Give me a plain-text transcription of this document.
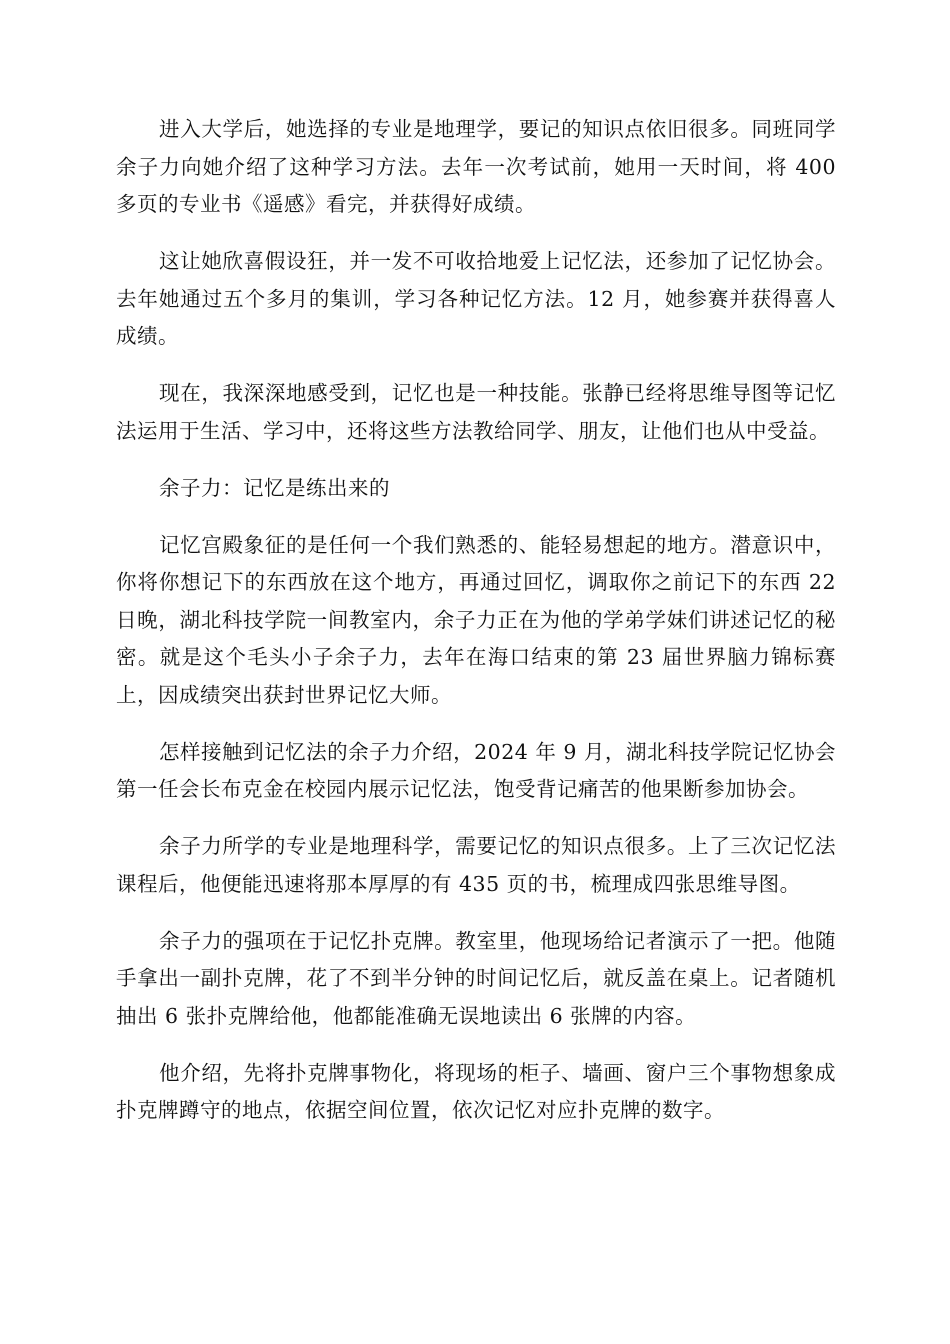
进入大学后，她选择的专业是地理学，要记的知识点依旧很多。同班同学余子力向她介绍了这种学习方法。去年一次考试前，她用一天时间，将 400 多页的专业书《遥感》看完，并获得好成绩。

这让她欣喜假设狂，并一发不可收拾地爱上记忆法，还参加了记忆协会。去年她通过五个多月的集训，学习各种记忆方法。12 月，她参赛并获得喜人成绩。

现在，我深深地感受到，记忆也是一种技能。张静已经将思维导图等记忆法运用于生活、学习中，还将这些方法教给同学、朋友，让他们也从中受益。

余子力：记忆是练出来的

记忆宫殿象征的是任何一个我们熟悉的、能轻易想起的地方。潜意识中，你将你想记下的东西放在这个地方，再通过回忆，调取你之前记下的东西 22 日晚，湖北科技学院一间教室内，余子力正在为他的学弟学妹们讲述记忆的秘密。就是这个毛头小子余子力，去年在海口结束的第 23 届世界脑力锦标赛上，因成绩突出获封世界记忆大师。

怎样接触到记忆法的余子力介绍，2024 年 9 月，湖北科技学院记忆协会第一任会长布克金在校园内展示记忆法，饱受背记痛苦的他果断参加协会。

余子力所学的专业是地理科学，需要记忆的知识点很多。上了三次记忆法课程后，他便能迅速将那本厚厚的有 435 页的书，梳理成四张思维导图。

余子力的强项在于记忆扑克牌。教室里，他现场给记者演示了一把。他随手拿出一副扑克牌，花了不到半分钟的时间记忆后，就反盖在桌上。记者随机抽出 6 张扑克牌给他，他都能准确无误地读出 6 张牌的内容。

他介绍，先将扑克牌事物化，将现场的柜子、墙画、窗户三个事物想象成扑克牌蹲守的地点，依据空间位置，依次记忆对应扑克牌的数字。
